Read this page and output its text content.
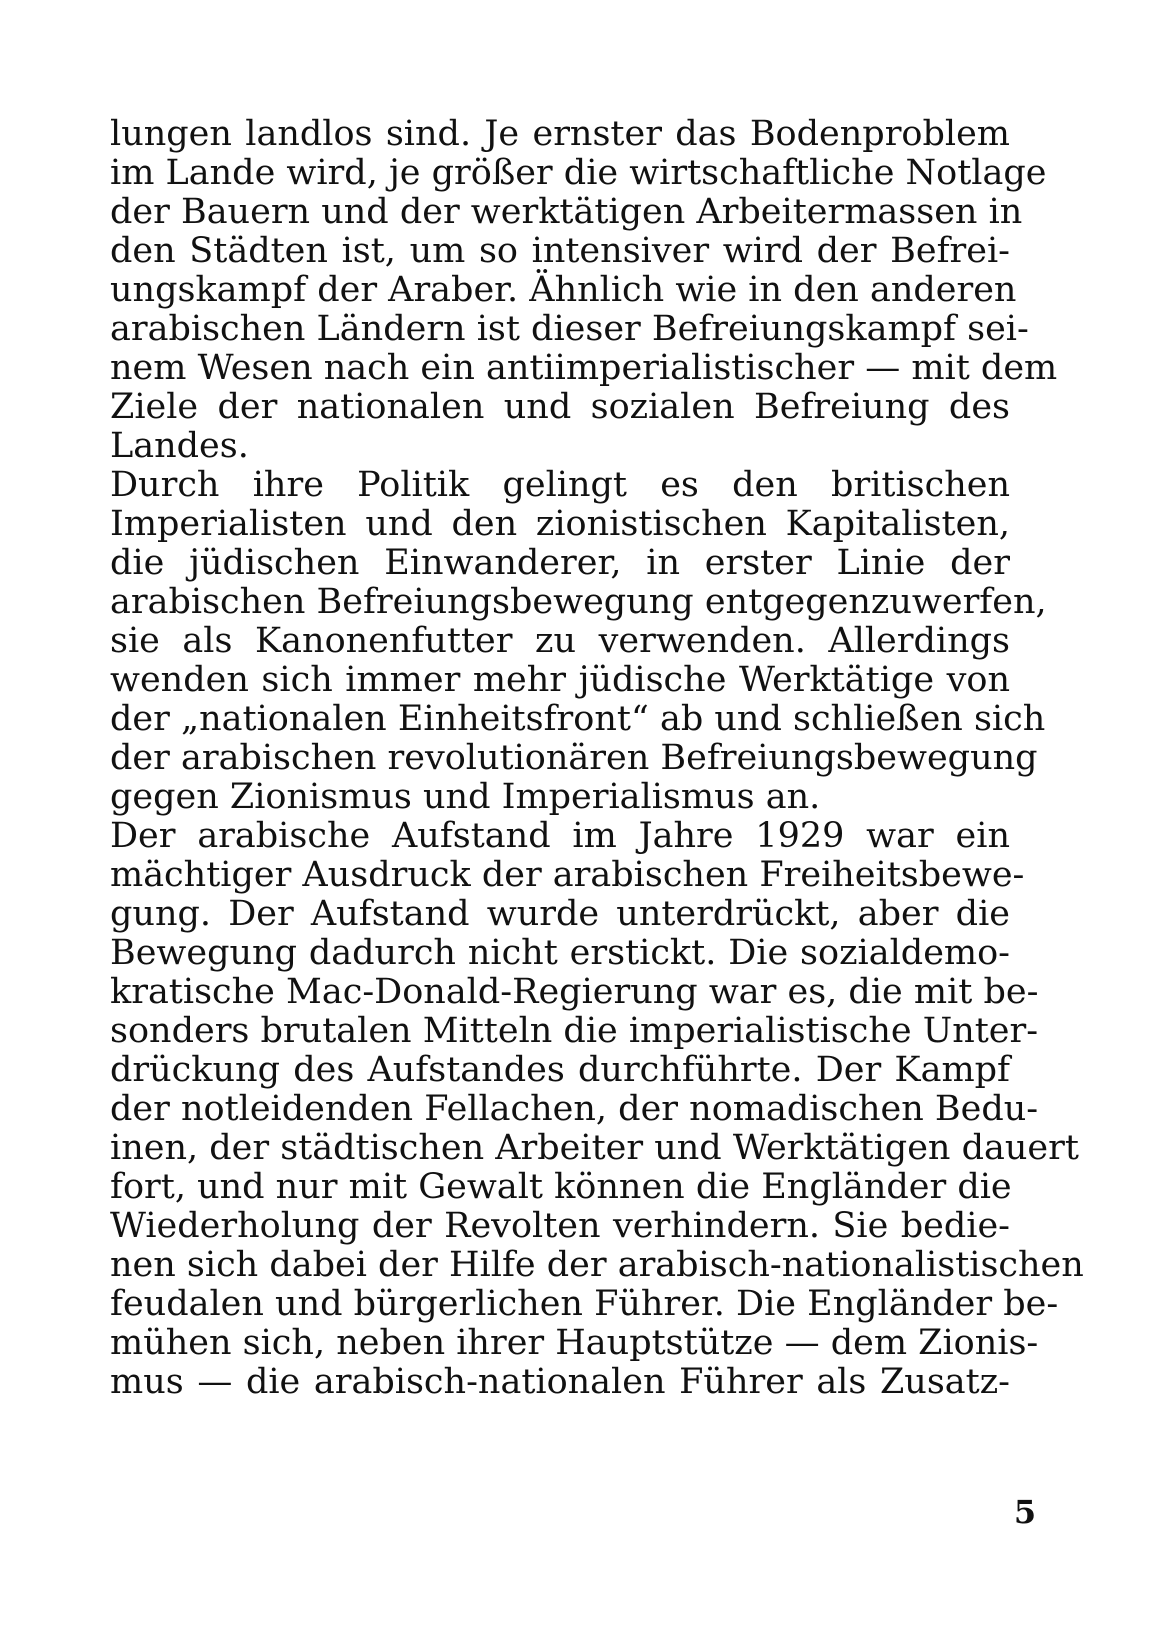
lungen landlos sind. Je ernster das Bodenproblem
im Lande wird, je größer die wirtschaftliche Notlage
der Bauern und der werktätigen Arbeitermassen in
den Städten ist, um so intensiver wird der Befrei-
ungskampf der Araber. Ähnlich wie in den anderen
arabischen Ländern ist dieser Befreiungskampf sei-
nem Wesen nach ein antiimperialistischer — mit dem
Ziele der nationalen und sozialen Befreiung des
Landes.
Durch ihre Politik gelingt es den britischen
Imperialisten und den zionistischen Kapitalisten,
die jüdischen Einwanderer, in erster Linie der
arabischen Befreiungsbewegung entgegenzuwerfen,
sie als Kanonenfutter zu verwenden. Allerdings
wenden sich immer mehr jüdische Werktätige von
der „nationalen Einheitsfront“ ab und schließen sich
der arabischen revolutionären Befreiungsbewegung
gegen Zionismus und Imperialismus an.
Der arabische Aufstand im Jahre 1929 war ein
mächtiger Ausdruck der arabischen Freiheitsbewe-
gung. Der Aufstand wurde unterdrückt, aber die
Bewegung dadurch nicht erstickt. Die sozialdemo-
kratische Mac-Donald-Regierung war es, die mit be-
sonders brutalen Mitteln die imperialistische Unter-
drückung des Aufstandes durchführte. Der Kampf
der notleidenden Fellachen, der nomadischen Bedu-
inen, der städtischen Arbeiter und Werktätigen dauert
fort, und nur mit Gewalt können die Engländer die
Wiederholung der Revolten verhindern. Sie bedie-
nen sich dabei der Hilfe der arabisch-nationalistischen
feudalen und bürgerlichen Führer. Die Engländer be-
mühen sich, neben ihrer Hauptstütze — dem Zionis-
mus — die arabisch-nationalen Führer als Zusatz-
5
